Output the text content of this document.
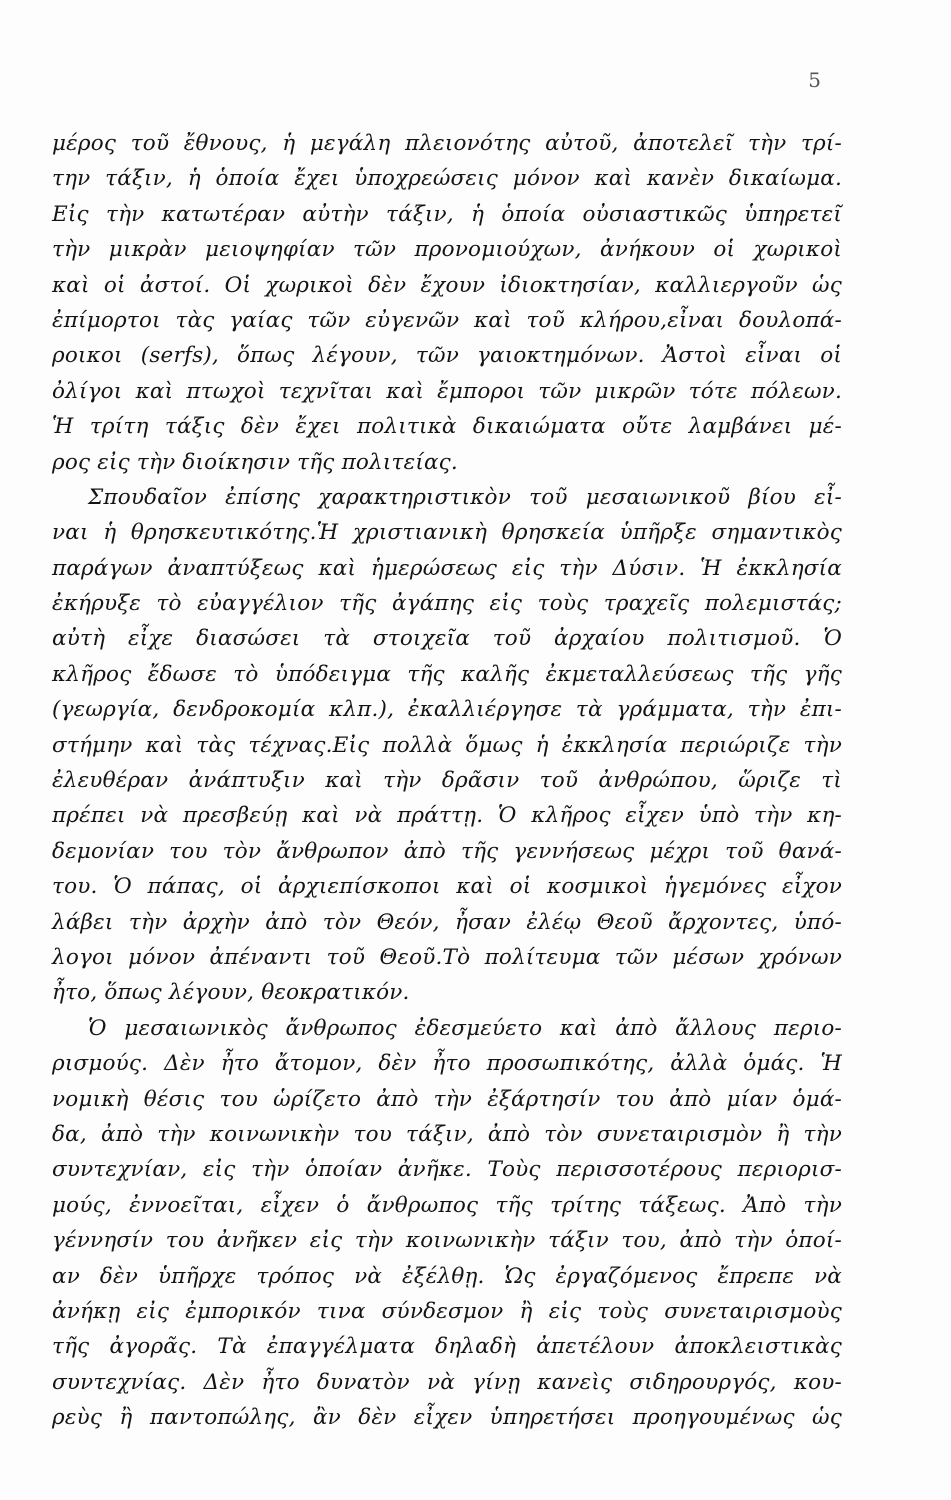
5
μέρος τοῦ ἔθνους, ἡ μεγάλη πλειονότης αὐτοῦ, ἀποτελεῖ τὴν τρί-
την τάξιν, ἡ ὁποία ἔχει ὑποχρεώσεις μόνον καὶ κανὲν δικαίωμα.
Εἰς τὴν κατωτέραν αὐτὴν τάξιν, ἡ ὁποία οὐσιαστικῶς ὑπηρετεῖ
τὴν μικρὰν μειοψηφίαν τῶν προνομιούχων, ἀνήκουν οἱ χωρικοὶ
καὶ οἱ ἀστοί. Οἱ χωρικοὶ δὲν ἔχουν ἰδιοκτησίαν, καλλιεργοῦν ὡς
ἐπίμορτοι τὰς γαίας τῶν εὐγενῶν καὶ τοῦ κλήρου,εἶναι δουλοπά-
ροικοι (serfs), ὅπως λέγουν, τῶν γαιοκτημόνων. Ἀστοὶ εἶναι οἱ
ὀλίγοι καὶ πτωχοὶ τεχνῖται καὶ ἔμποροι τῶν μικρῶν τότε πόλεων.
Ἡ τρίτη τάξις δὲν ἔχει πολιτικὰ δικαιώματα οὔτε λαμβάνει μέ-
ρος εἰς τὴν διοίκησιν τῆς πολιτείας.
Σπουδαῖον ἐπίσης χαρακτηριστικὸν τοῦ μεσαιωνικοῦ βίου εἶ-
ναι ἡ θρησκευτικότης.Ἡ χριστιανικὴ θρησκεία ὑπῆρξε σημαντικὸς
παράγων ἀναπτύξεως καὶ ἡμερώσεως εἰς τὴν Δύσιν. Ἡ ἐκκλησία
ἐκήρυξε τὸ εὐαγγέλιον τῆς ἀγάπης εἰς τοὺς τραχεῖς πολεμιστάς;
αὐτὴ εἶχε διασώσει τὰ στοιχεῖα τοῦ ἀρχαίου πολιτισμοῦ. Ὁ
κλῆρος ἔδωσε τὸ ὑπόδειγμα τῆς καλῆς ἐκμεταλλεύσεως τῆς γῆς
(γεωργία, δενδροκομία κλπ.), ἐκαλλιέργησε τὰ γράμματα, τὴν ἐπι-
στήμην καὶ τὰς τέχνας.Εἰς πολλὰ ὅμως ἡ ἐκκλησία περιώριζε τὴν
ἐλευθέραν ἀνάπτυξιν καὶ τὴν δρᾶσιν τοῦ ἀνθρώπου, ὥριζε τὶ
πρέπει νὰ πρεσβεύῃ καὶ νὰ πράττῃ. Ὁ κλῆρος εἶχεν ὑπὸ τὴν κη-
δεμονίαν του τὸν ἄνθρωπον ἀπὸ τῆς γεννήσεως μέχρι τοῦ θανά-
του. Ὁ πάπας, οἱ ἀρχιεπίσκοποι καὶ οἱ κοσμικοὶ ἡγεμόνες εἶχον
λάβει τὴν ἀρχὴν ἀπὸ τὸν Θεόν, ἦσαν ἐλέῳ Θεοῦ ἄρχοντες, ὑπό-
λογοι μόνον ἀπέναντι τοῦ Θεοῦ.Τὸ πολίτευμα τῶν μέσων χρόνων
ἦτο, ὅπως λέγουν, θεοκρατικόν.
Ὁ μεσαιωνικὸς ἄνθρωπος ἐδεσμεύετο καὶ ἀπὸ ἄλλους περιο-
ρισμούς. Δὲν ἦτο ἄτομον, δὲν ἦτο προσωπικότης, ἀλλὰ ὁμάς. Ἡ
νομικὴ θέσις του ὡρίζετο ἀπὸ τὴν ἐξάρτησίν του ἀπὸ μίαν ὁμά-
δα, ἀπὸ τὴν κοινωνικὴν του τάξιν, ἀπὸ τὸν συνεταιρισμὸν ἢ τὴν
συντεχνίαν, εἰς τὴν ὁποίαν ἀνῆκε. Τοὺς περισσοτέρους περιορισ-
μούς, ἐννοεῖται, εἶχεν ὁ ἄνθρωπος τῆς τρίτης τάξεως. Ἀπὸ τὴν
γέννησίν του ἀνῆκεν εἰς τὴν κοινωνικὴν τάξιν του, ἀπὸ τὴν ὁποί-
αν δὲν ὑπῆρχε τρόπος νὰ ἐξέλθῃ. Ὡς ἐργαζόμενος ἔπρεπε νὰ
ἀνήκῃ εἰς ἐμπορικόν τινα σύνδεσμον ἢ εἰς τοὺς συνεταιρισμοὺς
τῆς ἀγορᾶς. Τὰ ἐπαγγέλματα δηλαδὴ ἀπετέλουν ἀποκλειστικὰς
συντεχνίας. Δὲν ἦτο δυνατὸν νὰ γίνῃ κανεὶς σιδηρουργός, κου-
ρεὺς ἢ παντοπώλης, ἂν δὲν εἶχεν ὑπηρετήσει προηγουμένως ὡς
